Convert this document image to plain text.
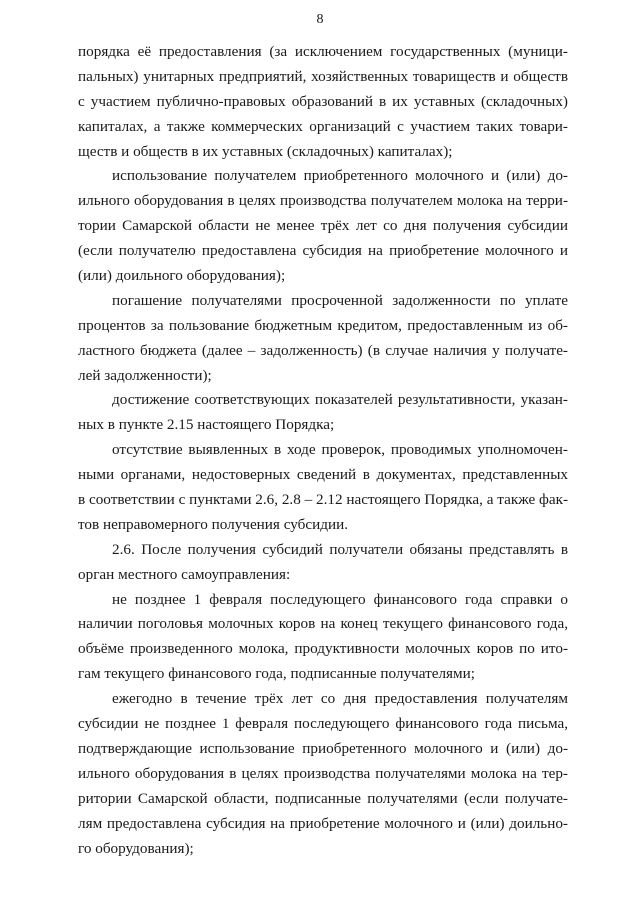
8
порядка её предоставления (за исключением государственных (муници-
пальных) унитарных предприятий, хозяйственных товариществ и обществ
с участием публично-правовых образований в их уставных (складочных)
капиталах, а также коммерческих организаций с участием таких товари-
ществ и обществ в их уставных (складочных) капиталах);
использование получателем приобретенного молочного и (или) до-
ильного оборудования в целях производства получателем молока на терри-
тории Самарской области не менее трёх лет со дня получения субсидии
(если получателю предоставлена субсидия на приобретение молочного и
(или) доильного оборудования);
погашение получателями просроченной задолженности по уплате
процентов за пользование бюджетным кредитом, предоставленным из об-
ластного бюджета (далее – задолженность) (в случае наличия у получате-
лей задолженности);
достижение соответствующих показателей результативности, указан-
ных в пункте 2.15 настоящего Порядка;
отсутствие выявленных в ходе проверок, проводимых уполномочен-
ными органами, недостоверных сведений в документах, представленных
в соответствии с пунктами 2.6, 2.8 – 2.12 настоящего Порядка, а также фак-
тов неправомерного получения субсидии.
2.6. После получения субсидий получатели обязаны представлять в
орган местного самоуправления:
не позднее 1 февраля последующего финансового года справки о
наличии поголовья молочных коров на конец текущего финансового года,
объёме произведенного молока, продуктивности молочных коров по ито-
гам текущего финансового года, подписанные получателями;
ежегодно в течение трёх лет со дня предоставления получателям
субсидии не позднее 1 февраля последующего финансового года письма,
подтверждающие использование приобретенного молочного и (или) до-
ильного оборудования в целях производства получателями молока на тер-
ритории Самарской области, подписанные получателями (если получате-
лям предоставлена субсидия на приобретение молочного и (или) доильно-
го оборудования);
